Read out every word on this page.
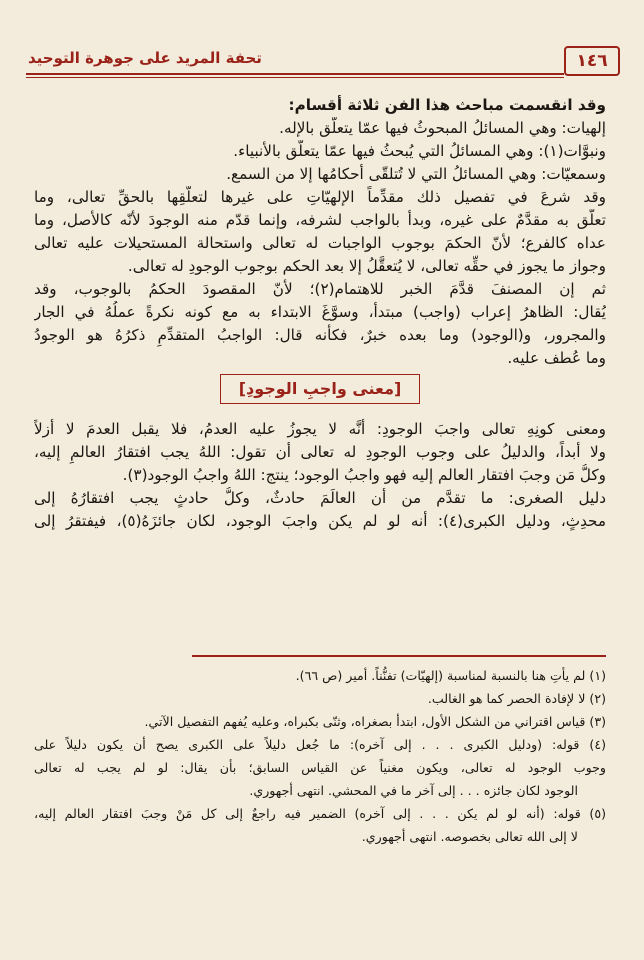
١٤٦
تحفة المريد على جوهرة التوحيد
وقد انقسمت مباحث هذا الفن ثلاثة أقسام:
إلهيات: وهي المسائلُ المبحوثُ فيها عمّا يتعلَّق بالإله.
ونبوَّات(١): وهي المسائلُ التي يُبحثُ فيها عمّا يتعلَّق بالأنبياء.
وسمعيّات: وهي المسائلُ التي لا تُتلقّى أحكامُها إلا من السمع.
وقد شرعَ في تفصيل ذلك مقدِّماً الإلهيّاتِ على غيرها لتعلُّقِها بالحقِّ تعالى، وما
تعلَّق به مقدَّمٌ على غيره، وبدأ بالواجب لشرفه، وإنما قدّم منه الوجودَ لأنّه كالأصل، وما
عداه كالفرع؛ لأنّ الحكمَ بوجوب الواجبات له تعالى واستحالة المستحيلات عليه تعالى
وجواز ما يجوز في حقِّه تعالى، لا يُتعقَّلُ إلا بعد الحكم بوجوب الوجودِ له تعالى.
ثم إن المصنفَ قدَّمَ الخبر للاهتمام(٢)؛ لأنّ المقصودَ الحكمُ بالوجوب، وقد
يُقال: الظاهرُ إعراب (واجب) مبتدأ، وسوَّغَ الابتداء به مع كونه نكرةً عملُهُ في الجار
والمجرور، و(الوجود) وما بعده خبرٌ، فكأنه قال: الواجبُ المتقدِّمِ ذكرُهُ هو الوجودُ
وما عُطف عليه.
[معنى واجبِ الوجودِ]
ومعنى كونِهِ تعالى واجبَ الوجودِ: أنَّه لا يجوزُ عليه العدمُ، فلا يقبل العدمَ لا أزلاً
ولا أبداً، والدليلُ على وجوب الوجودِ له تعالى أن تقول: اللهُ يجب افتقارُ العالمِ إليه،
وكلُّ مَن وجبَ افتقار العالم إليه فهو واجبُ الوجود؛ ينتج: اللهُ واجبُ الوجود(٣).
دليل الصغرى: ما تقدَّم من أن العالَمَ حادثٌ، وكلُّ حادثٍ يجب افتقارُهُ إلى
محدِثٍ، ودليل الكبرى(٤): أنه لو لم يكن واجبَ الوجود، لكان جائزَهُ(٥)، فيفتقرُ إلى
(١) لم يأتِ هنا بالنسبة لمناسبة (إلهيّات) تفنُّناً. أمير (ص ٦٦).
(٢) لا لإفادة الحصر كما هو الغالب.
(٣) قياس اقتراني من الشكل الأول، ابتدأ بصغراه، وثنّى بكبراه، وعليه يُفهم التفصيل الآتي.
(٤) قوله: (ودليل الكبرى . . . إلى آخره): ما جُعل دليلاً على الكبرى يصح أن يكون دليلاً على
وجوب الوجود له تعالى، ويكون مغنياً عن القياس السابق؛ بأن يقال: لو لم يجب له تعالى
الوجود لكان جائزه . . . إلى آخر ما في المحشي. انتهى أجهوري.
(٥) قوله: (أنه لو لم يكن . . . إلى آخره) الضمير فيه راجعٌ إلى كل مَنْ وجبَ افتقار العالم إليه،
لا إلى الله تعالى بخصوصه. انتهى أجهوري.
